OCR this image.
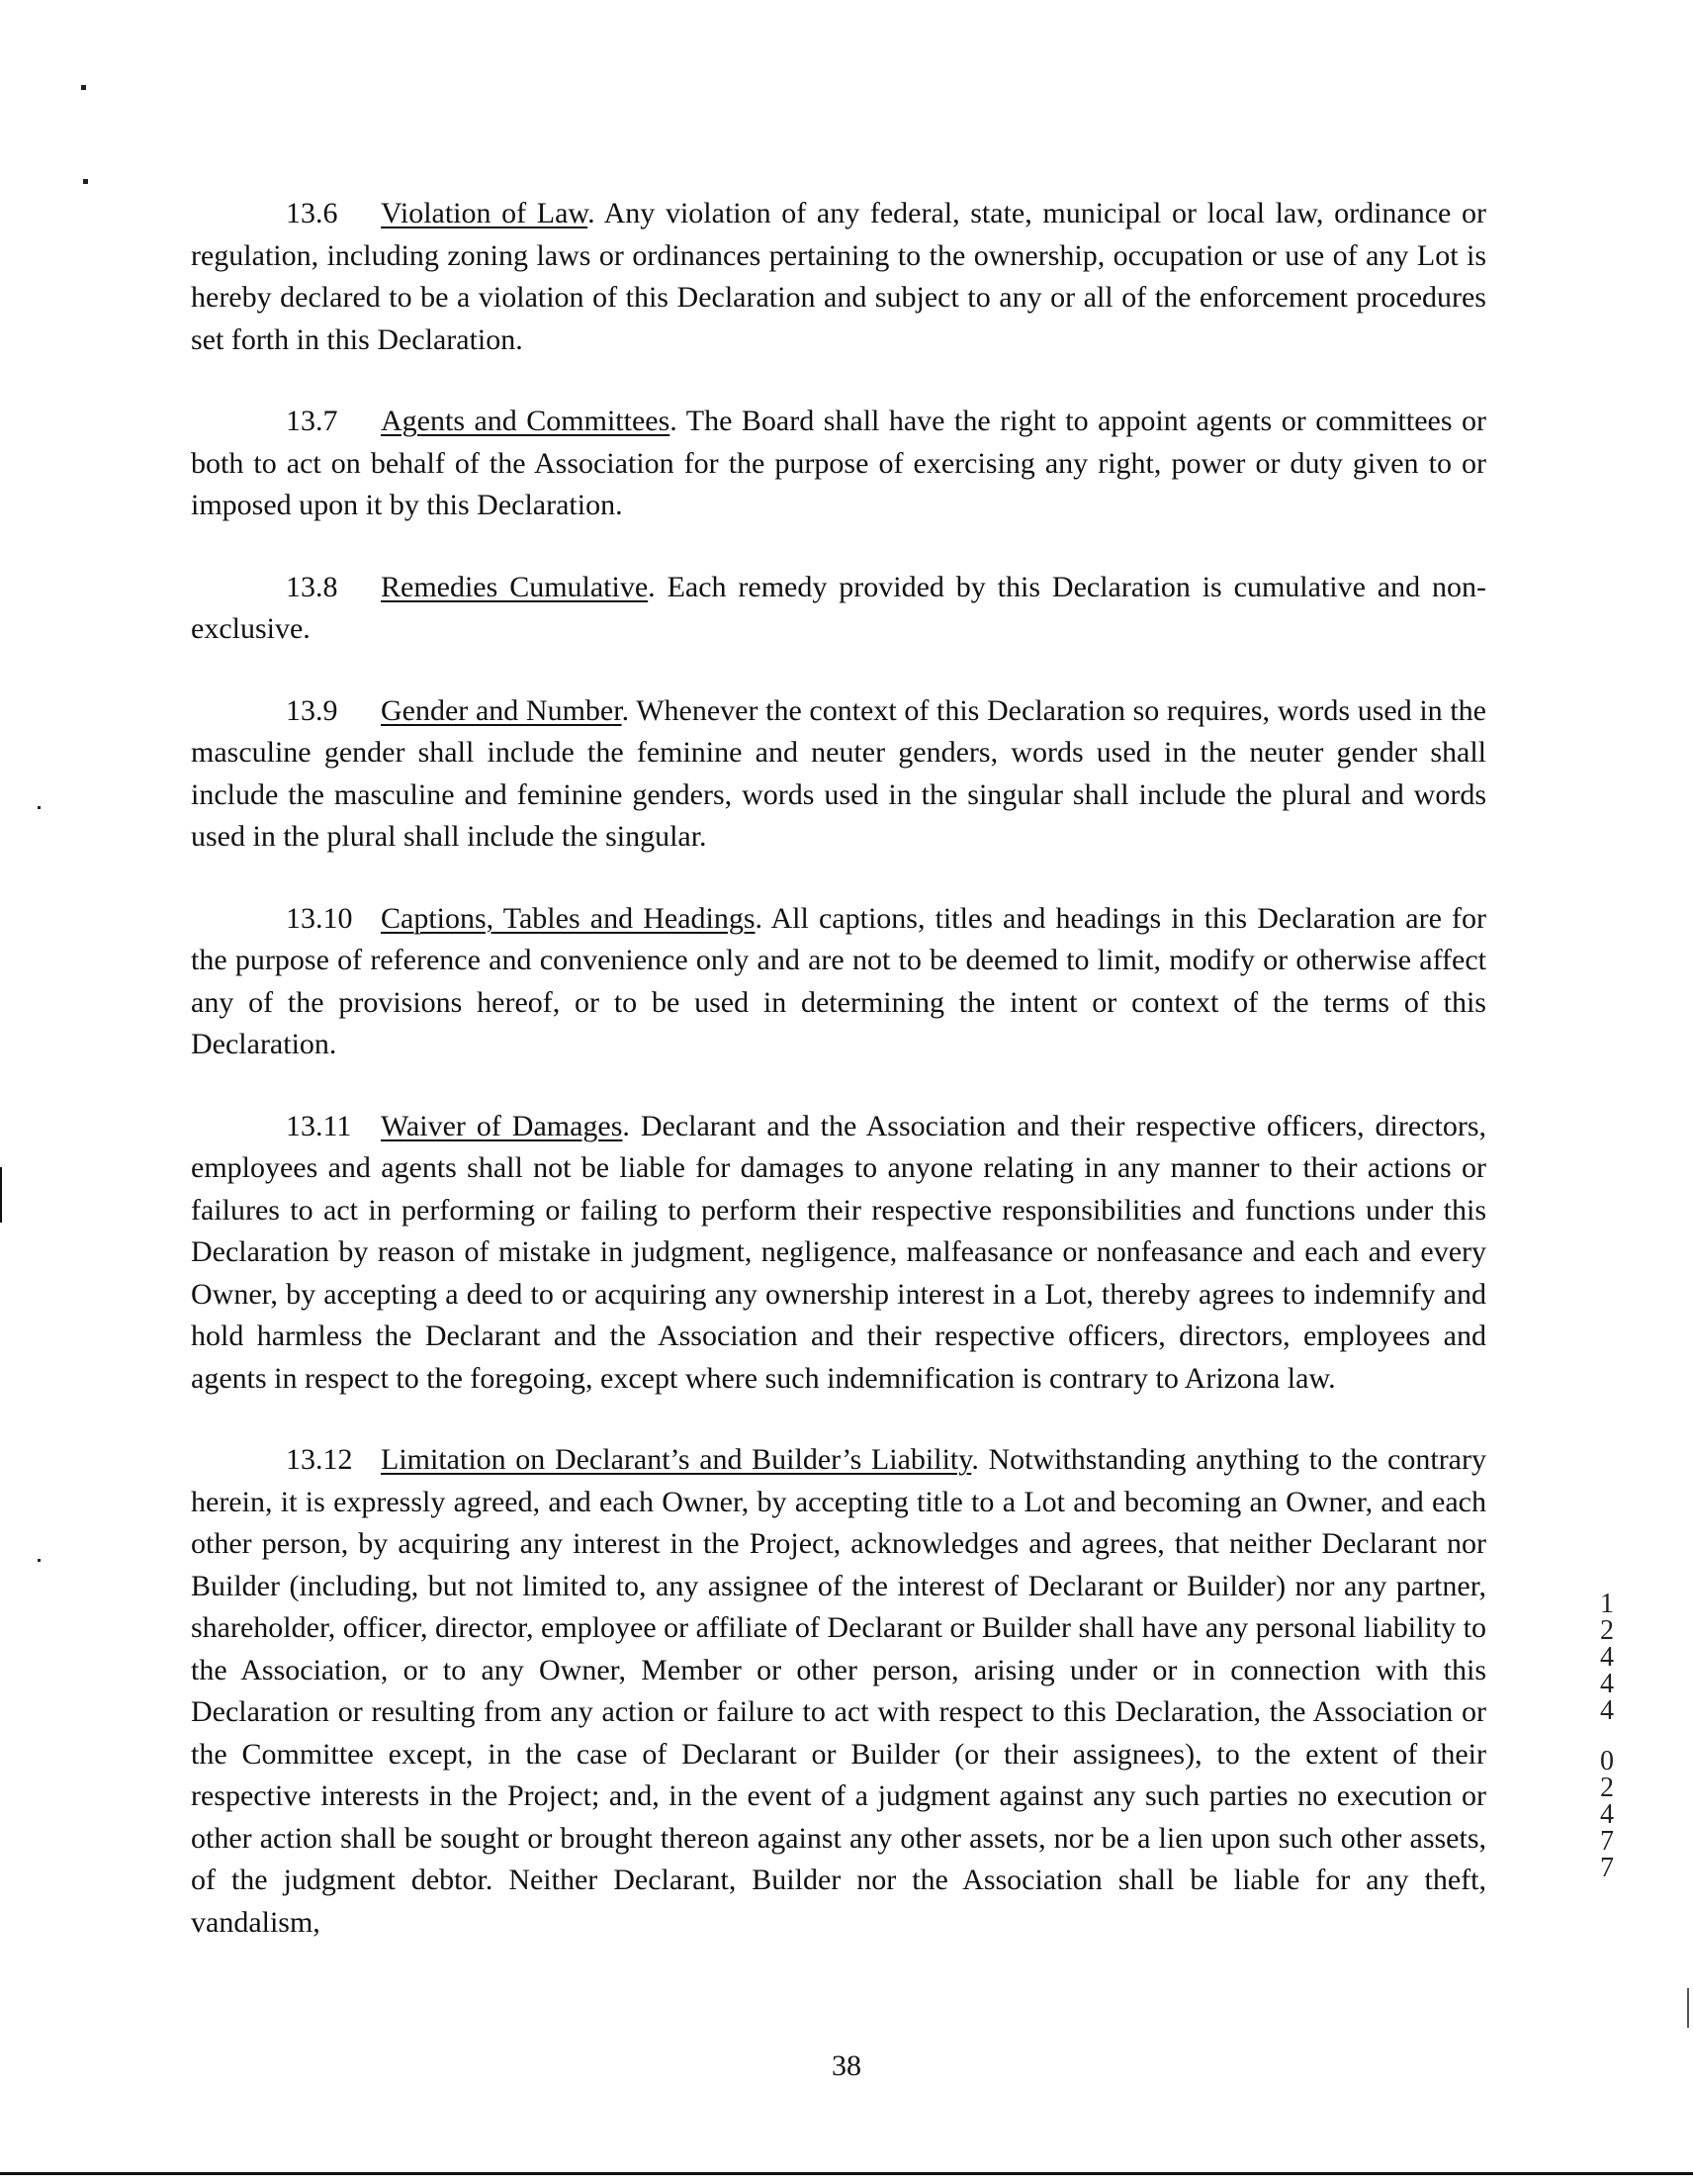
13.6 Violation of Law. Any violation of any federal, state, municipal or local law, ordinance or regulation, including zoning laws or ordinances pertaining to the ownership, occupation or use of any Lot is hereby declared to be a violation of this Declaration and subject to any or all of the enforcement procedures set forth in this Declaration.

13.7 Agents and Committees. The Board shall have the right to appoint agents or committees or both to act on behalf of the Association for the purpose of exercising any right, power or duty given to or imposed upon it by this Declaration.

13.8 Remedies Cumulative. Each remedy provided by this Declaration is cumulative and non-exclusive.

13.9 Gender and Number. Whenever the context of this Declaration so requires, words used in the masculine gender shall include the feminine and neuter genders, words used in the neuter gender shall include the masculine and feminine genders, words used in the singular shall include the plural and words used in the plural shall include the singular.

13.10 Captions, Tables and Headings. All captions, titles and headings in this Declaration are for the purpose of reference and convenience only and are not to be deemed to limit, modify or otherwise affect any of the provisions hereof, or to be used in determining the intent or context of the terms of this Declaration.

13.11 Waiver of Damages. Declarant and the Association and their respective officers, directors, employees and agents shall not be liable for damages to anyone relating in any manner to their actions or failures to act in performing or failing to perform their respective responsibilities and functions under this Declaration by reason of mistake in judgment, negligence, malfeasance or nonfeasance and each and every Owner, by accepting a deed to or acquiring any ownership interest in a Lot, thereby agrees to indemnify and hold harmless the Declarant and the Association and their respective officers, directors, employees and agents in respect to the foregoing, except where such indemnification is contrary to Arizona law.

13.12 Limitation on Declarant’s and Builder’s Liability. Notwithstanding anything to the contrary herein, it is expressly agreed, and each Owner, by accepting title to a Lot and becoming an Owner, and each other person, by acquiring any interest in the Project, acknowledges and agrees, that neither Declarant nor Builder (including, but not limited to, any assignee of the interest of Declarant or Builder) nor any partner, shareholder, officer, director, employee or affiliate of Declarant or Builder shall have any personal liability to the Association, or to any Owner, Member or other person, arising under or in connection with this Declaration or resulting from any action or failure to act with respect to this Declaration, the Association or the Committee except, in the case of Declarant or Builder (or their assignees), to the extent of their respective interests in the Project; and, in the event of a judgment against any such parties no execution or other action shall be sought or brought thereon against any other assets, nor be a lien upon such other assets, of the judgment debtor. Neither Declarant, Builder nor the Association shall be liable for any theft, vandalism,

1
2
4
4
4
0
2
4
7
7
38
